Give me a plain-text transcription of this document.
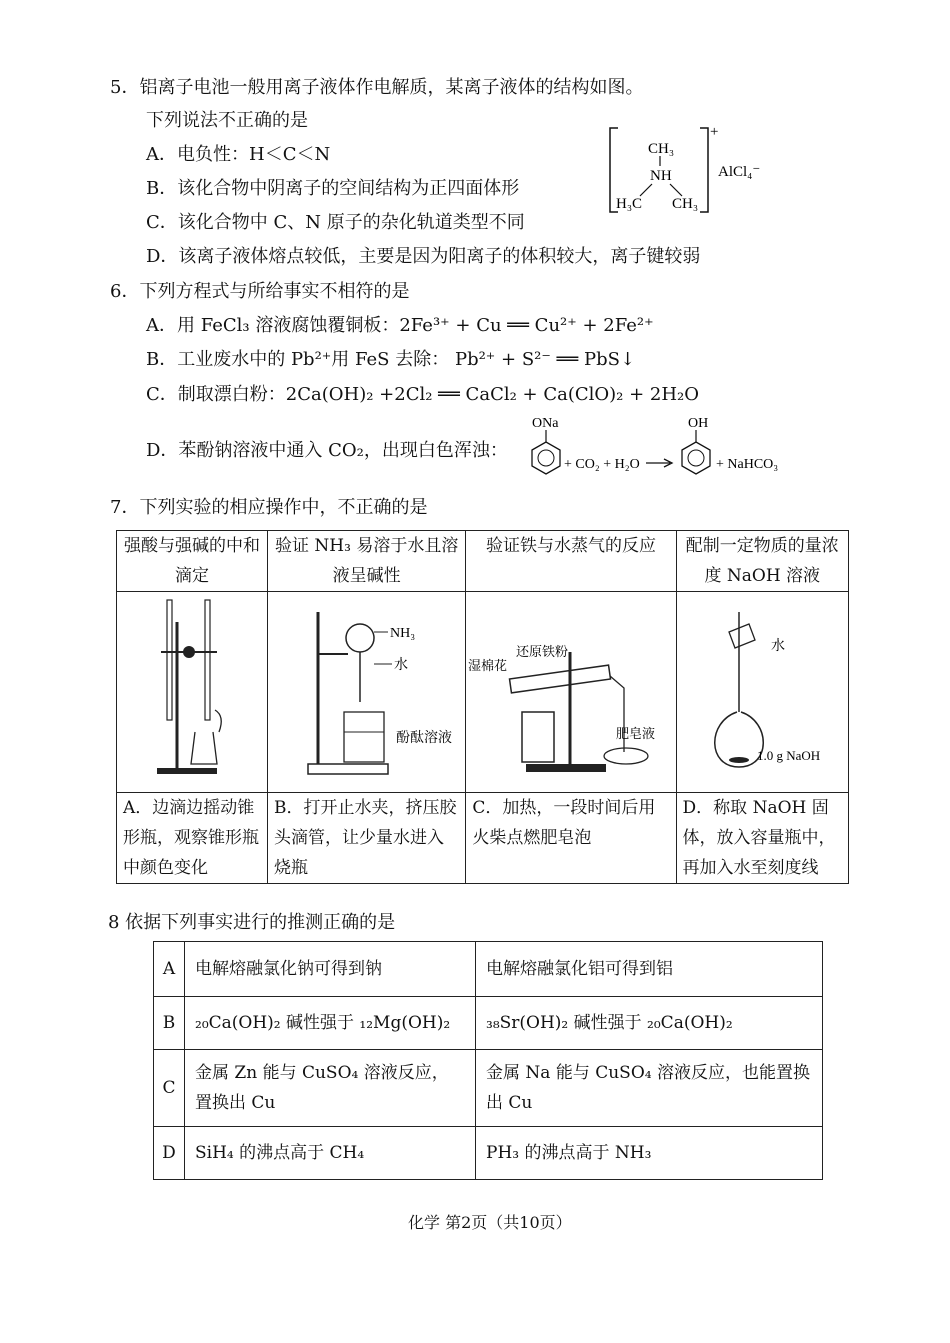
5．铝离子电池一般用离子液体作电解质，某离子液体的结构如图。
下列说法不正确的是
A．电负性：H＜C＜N
B．该化合物中阴离子的空间结构为正四面体形
C．该化合物中 C、N 原子的杂化轨道类型不同
D．该离子液体熔点较低，主要是因为阳离子的体积较大，离子键较弱
CH₃
NH
H₃C CH₃
+
AlCl₄⁻
6．下列方程式与所给事实不相符的是
A．用 FeCl₃ 溶液腐蚀覆铜板：2Fe³⁺ + Cu ══ Cu²⁺ + 2Fe²⁺
B．工业废水中的 Pb²⁺用 FeS 去除： Pb²⁺ + S²⁻ ══ PbS↓
C．制取漂白粉：2Ca(OH)₂ +2Cl₂ ══ CaCl₂ + Ca(ClO)₂ + 2H₂O
D．苯酚钠溶液中通入 CO₂，出现白色浑浊：
ONa
+ CO₂ + H₂O
OH
+ NaHCO₃
7．下列实验的相应操作中，不正确的是
强酸与强碱的中和滴定	验证 NH₃ 易溶于水且溶液呈碱性	验证铁与水蒸气的反应	配制一定物质的量浓度 NaOH 溶液

NH₃
水
酚酞溶液	湿棉花
还原铁粉
肥皂液	水
1.0 g NaOH

A．边滴边摇动锥形瓶，观察锥形瓶中颜色变化	B．打开止水夹，挤压胶头滴管，让少量水进入烧瓶	C．加热，一段时间后用火柴点燃肥皂泡	D．称取 NaOH 固体，放入容量瓶中，再加入水至刻度线
8 依据下列事实进行的推测正确的是
A	电解熔融氯化钠可得到钠	电解熔融氯化铝可得到铝
B	₂₀Ca(OH)₂ 碱性强于 ₁₂Mg(OH)₂	₃₈Sr(OH)₂ 碱性强于 ₂₀Ca(OH)₂
C	金属 Zn 能与 CuSO₄ 溶液反应，置换出 Cu	金属 Na 能与 CuSO₄ 溶液反应，也能置换出 Cu
D	SiH₄ 的沸点高于 CH₄	PH₃ 的沸点高于 NH₃
化学 第2页（共10页）
